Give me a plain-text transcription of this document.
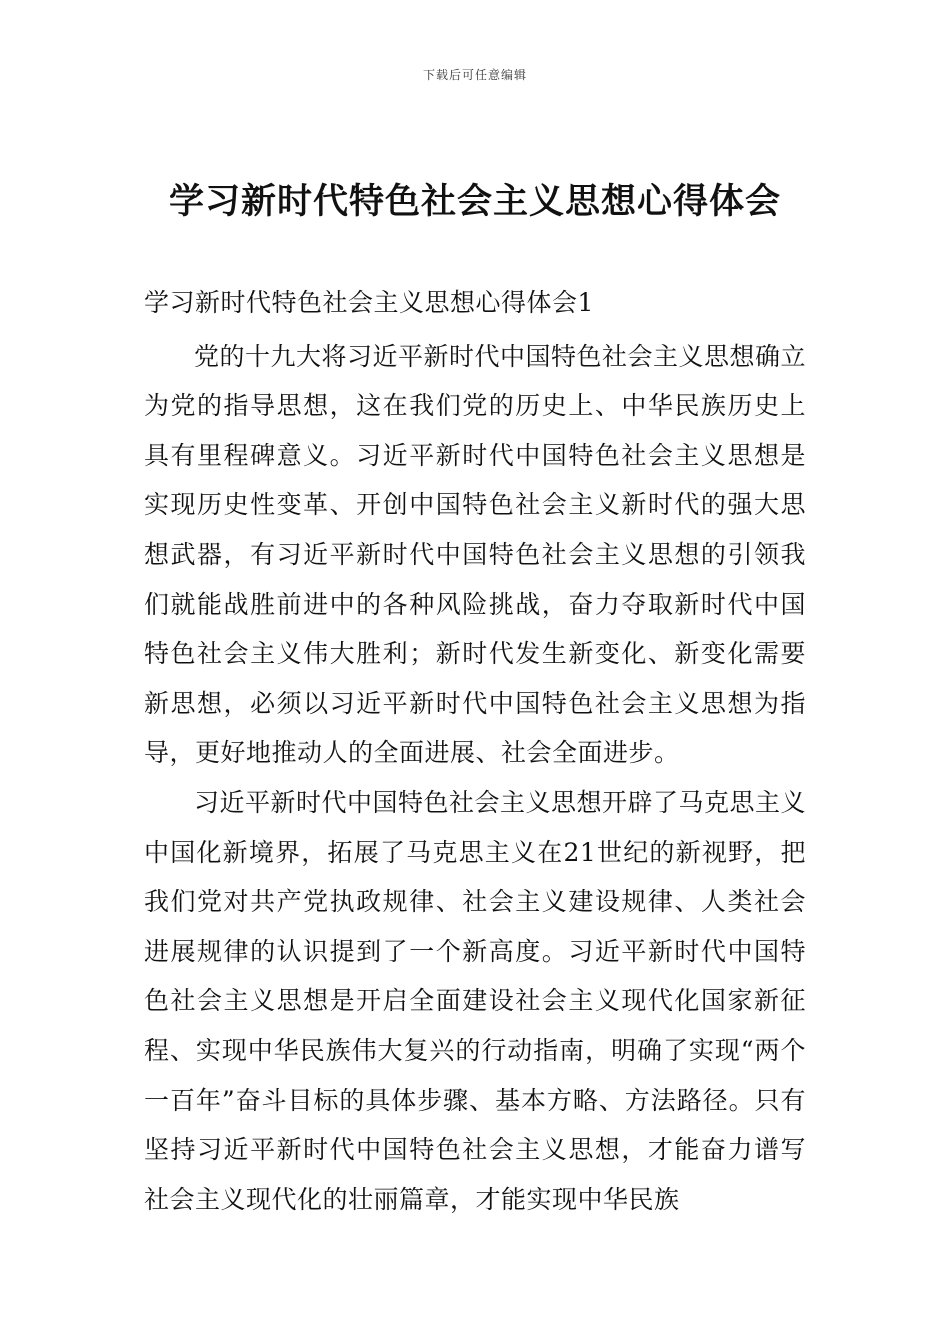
下载后可任意编辑
学习新时代特色社会主义思想心得体会
学习新时代特色社会主义思想心得体会1

党的十九大将习近平新时代中国特色社会主义思想确立为党的指导思想，这在我们党的历史上、中华民族历史上具有里程碑意义。习近平新时代中国特色社会主义思想是实现历史性变革、开创中国特色社会主义新时代的强大思想武器，有习近平新时代中国特色社会主义思想的引领我们就能战胜前进中的各种风险挑战，奋力夺取新时代中国特色社会主义伟大胜利；新时代发生新变化、新变化需要新思想，必须以习近平新时代中国特色社会主义思想为指导，更好地推动人的全面进展、社会全面进步。

习近平新时代中国特色社会主义思想开辟了马克思主义中国化新境界，拓展了马克思主义在21世纪的新视野，把我们党对共产党执政规律、社会主义建设规律、人类社会进展规律的认识提到了一个新高度。习近平新时代中国特色社会主义思想是开启全面建设社会主义现代化国家新征程、实现中华民族伟大复兴的行动指南，明确了实现“两个一百年”奋斗目标的具体步骤、基本方略、方法路径。只有坚持习近平新时代中国特色社会主义思想，才能奋力谱写社会主义现代化的壮丽篇章，才能实现中华民族
